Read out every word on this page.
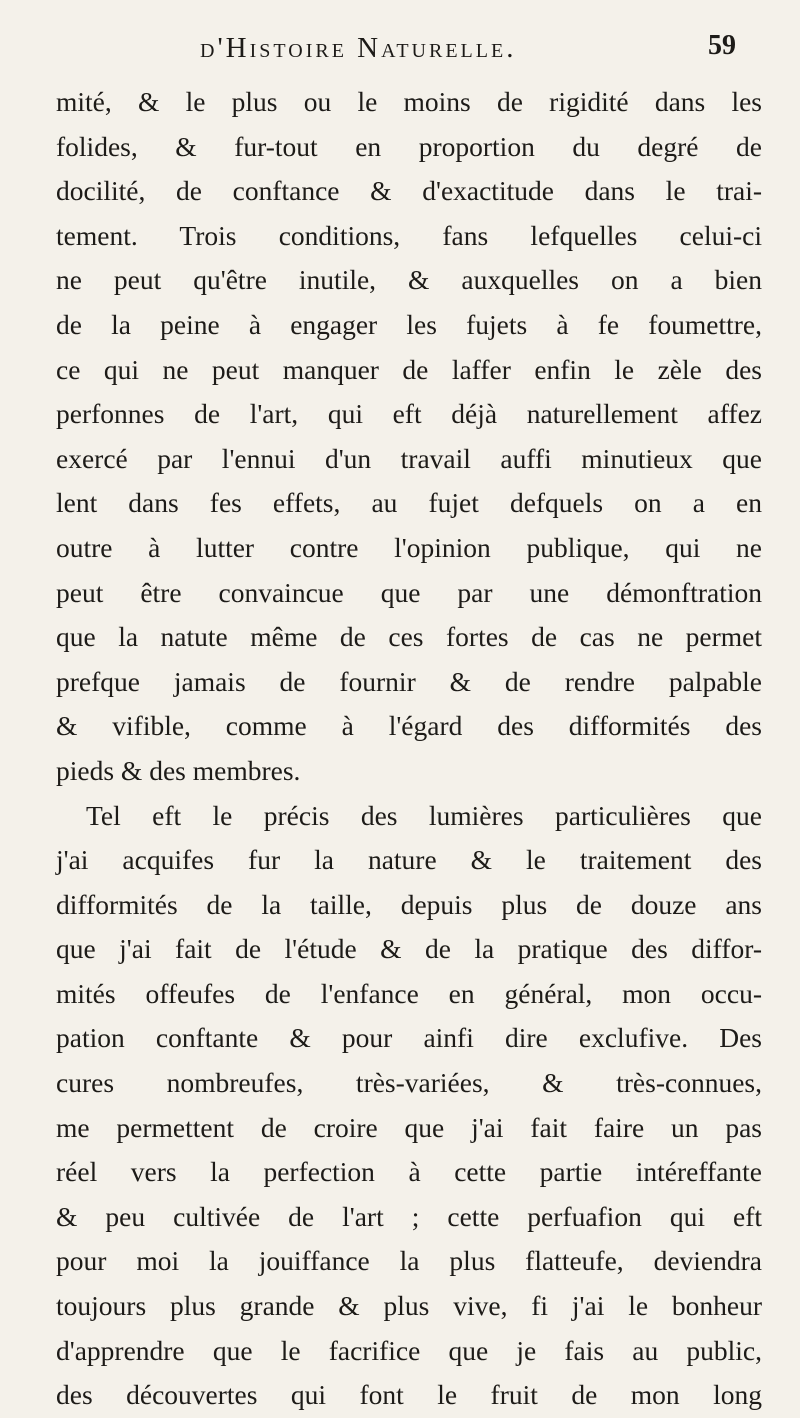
d'Histoire Naturelle.	59
mité, & le plus ou le moins de rigidité dans les
folides, & fur-tout en proportion du degré de
docilité, de conftance & d'exactitude dans le trai-
tement. Trois conditions, fans lefquelles celui-ci
ne peut qu'être inutile, & auxquelles on a bien
de la peine à engager les fujets à fe foumettre,
ce qui ne peut manquer de laffer enfin le zèle des
perfonnes de l'art, qui eft déjà naturellement affez
exercé par l'ennui d'un travail auffi minutieux que
lent dans fes effets, au fujet defquels on a en
outre à lutter contre l'opinion publique, qui ne
peut être convaincue que par une démonftration
que la natute même de ces fortes de cas ne permet
prefque jamais de fournir & de rendre palpable
& vifible, comme à l'égard des difformités des
pieds & des membres.
Tel eft le précis des lumières particulières que
j'ai acquifes fur la nature & le traitement des
difformités de la taille, depuis plus de douze ans
que j'ai fait de l'étude & de la pratique des diffor-
mités offeufes de l'enfance en général, mon occu-
pation conftante & pour ainfi dire exclufive. Des
cures nombreufes, très-variées, & très-connues,
me permettent de croire que j'ai fait faire un pas
réel vers la perfection à cette partie intéreffante
& peu cultivée de l'art ; cette perfuafion qui eft
pour moi la jouiffance la plus flatteufe, deviendra
toujours plus grande & plus vive, fi j'ai le bonheur
d'apprendre que le facrifice que je fais au public,
des découvertes qui font le fruit de mon long
